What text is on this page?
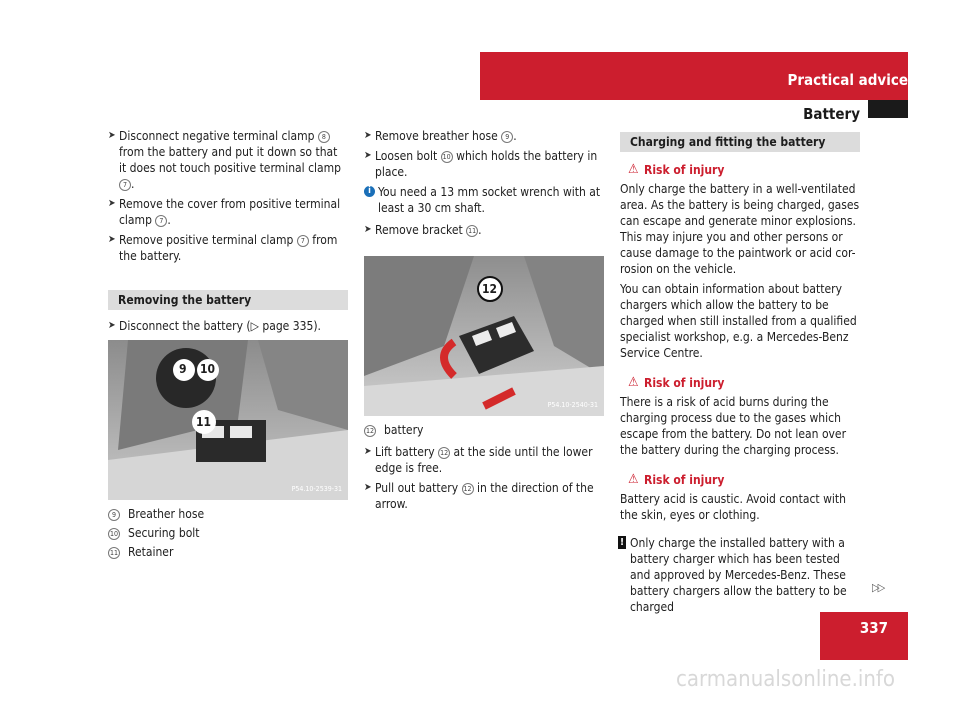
Practical advice
Battery
➤ Disconnect negative terminal clamp 8 from the battery and put it down so that it does not touch positive terminal clamp 7 .
➤ Remove the cover from positive terminal clamp 7 .
➤ Remove positive terminal clamp 7 from the battery.
Removing the battery
➤ Disconnect the battery (▷ page 335).
9 10
11
P54.10-2539-31
9	Breather hose
10 Securing bolt
11 Retainer
➤ Remove breather hose 9 .
➤ Loosen bolt 10 which holds the battery in place.
i You need a 13 mm socket wrench with at least a 30 cm shaft.
➤ Remove bracket 11 .
12
P54.10-2540-31
12 battery
➤ Lift battery 12 at the side until the lower edge is free.
➤ Pull out battery 12 in the direction of the arrow.
Charging and fitting the battery
⚠ Risk of injury
Only charge the battery in a well-ventilated area. As the battery is being charged, gases can escape and generate minor explosions. This may injure you and other persons or cause damage to the paintwork or acid cor-rosion on the vehicle.
You can obtain information about battery chargers which allow the battery to be charged when still installed from a qualified specialist workshop, e.g. a Mercedes-Benz Service Centre.
⚠ Risk of injury
There is a risk of acid burns during the charging process due to the gases which escape from the battery. Do not lean over the battery during the charging process.
⚠ Risk of injury
Battery acid is caustic. Avoid contact with the skin, eyes or clothing.
! Only charge the installed battery with a battery charger which has been tested and approved by Mercedes-Benz. These battery chargers allow the battery to be charged
▷▷
337
carmanualsonline.info
